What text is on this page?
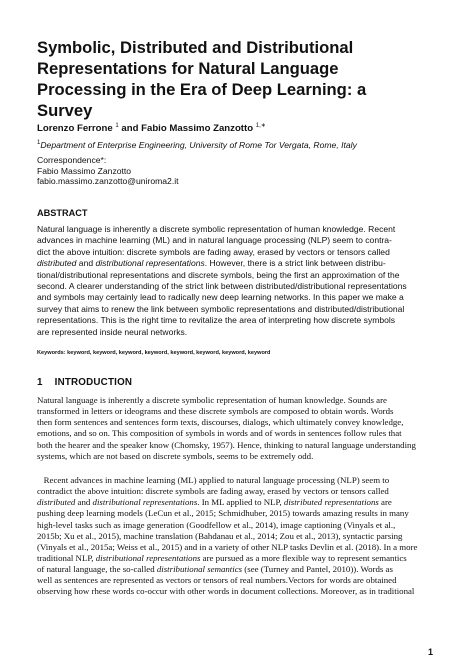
Symbolic, Distributed and Distributional
Representations for Natural Language
Processing in the Era of Deep Learning: a
Survey
Lorenzo Ferrone $^1$ and Fabio Massimo Zanzotto $^{1,∗}$
$^1$Department of Enterprise Engineering, University of Rome Tor Vergata, Rome, Italy
Correspondence*:
Fabio Massimo Zanzotto
fabio.massimo.zanzotto@uniroma2.it
ABSTRACT
Natural language is inherently a discrete symbolic representation of human knowledge. Recent
advances in machine learning (ML) and in natural language processing (NLP) seem to contra-
dict the above intuition: discrete symbols are fading away, erased by vectors or tensors called
distributed and distributional representations. However, there is a strict link between distribu-
tional/distributional representations and discrete symbols, being the first an approximation of the
second. A clearer understanding of the strict link between distributed/distributional representations
and symbols may certainly lead to radically new deep learning networks. In this paper we make a
survey that aims to renew the link between symbolic representations and distributed/distributional
representations. This is the right time to revitalize the area of interpreting how discrete symbols
are represented inside neural networks.
Keywords: keyword, keyword, keyword, keyword, keyword, keyword, keyword, keyword
1 INTRODUCTION
Natural language is inherently a discrete symbolic representation of human knowledge. Sounds are
transformed in letters or ideograms and these discrete symbols are composed to obtain words. Words
then form sentences and sentences form texts, discourses, dialogs, which ultimately convey knowledge,
emotions, and so on. This composition of symbols in words and of words in sentences follow rules that
both the hearer and the speaker know (Chomsky, 1957). Hence, thinking to natural language understanding
systems, which are not based on discrete symbols, seems to be extremely odd.
Recent advances in machine learning (ML) applied to natural language processing (NLP) seem to
contradict the above intuition: discrete symbols are fading away, erased by vectors or tensors called
distributed and distributional representations. In ML applied to NLP, distributed representations are
pushing deep learning models (LeCun et al., 2015; Schmidhuber, 2015) towards amazing results in many
high-level tasks such as image generation (Goodfellow et al., 2014), image captioning (Vinyals et al.,
2015b; Xu et al., 2015), machine translation (Bahdanau et al., 2014; Zou et al., 2013), syntactic parsing
(Vinyals et al., 2015a; Weiss et al., 2015) and in a variety of other NLP tasks Devlin et al. (2018). In a more
traditional NLP, distributional representations are pursued as a more flexible way to represent semantics
of natural language, the so-called distributional semantics (see (Turney and Pantel, 2010)). Words as
well as sentences are represented as vectors or tensors of real numbers.Vectors for words are obtained
observing how rhese words co-occur with other words in document collections. Moreover, as in traditional
1
